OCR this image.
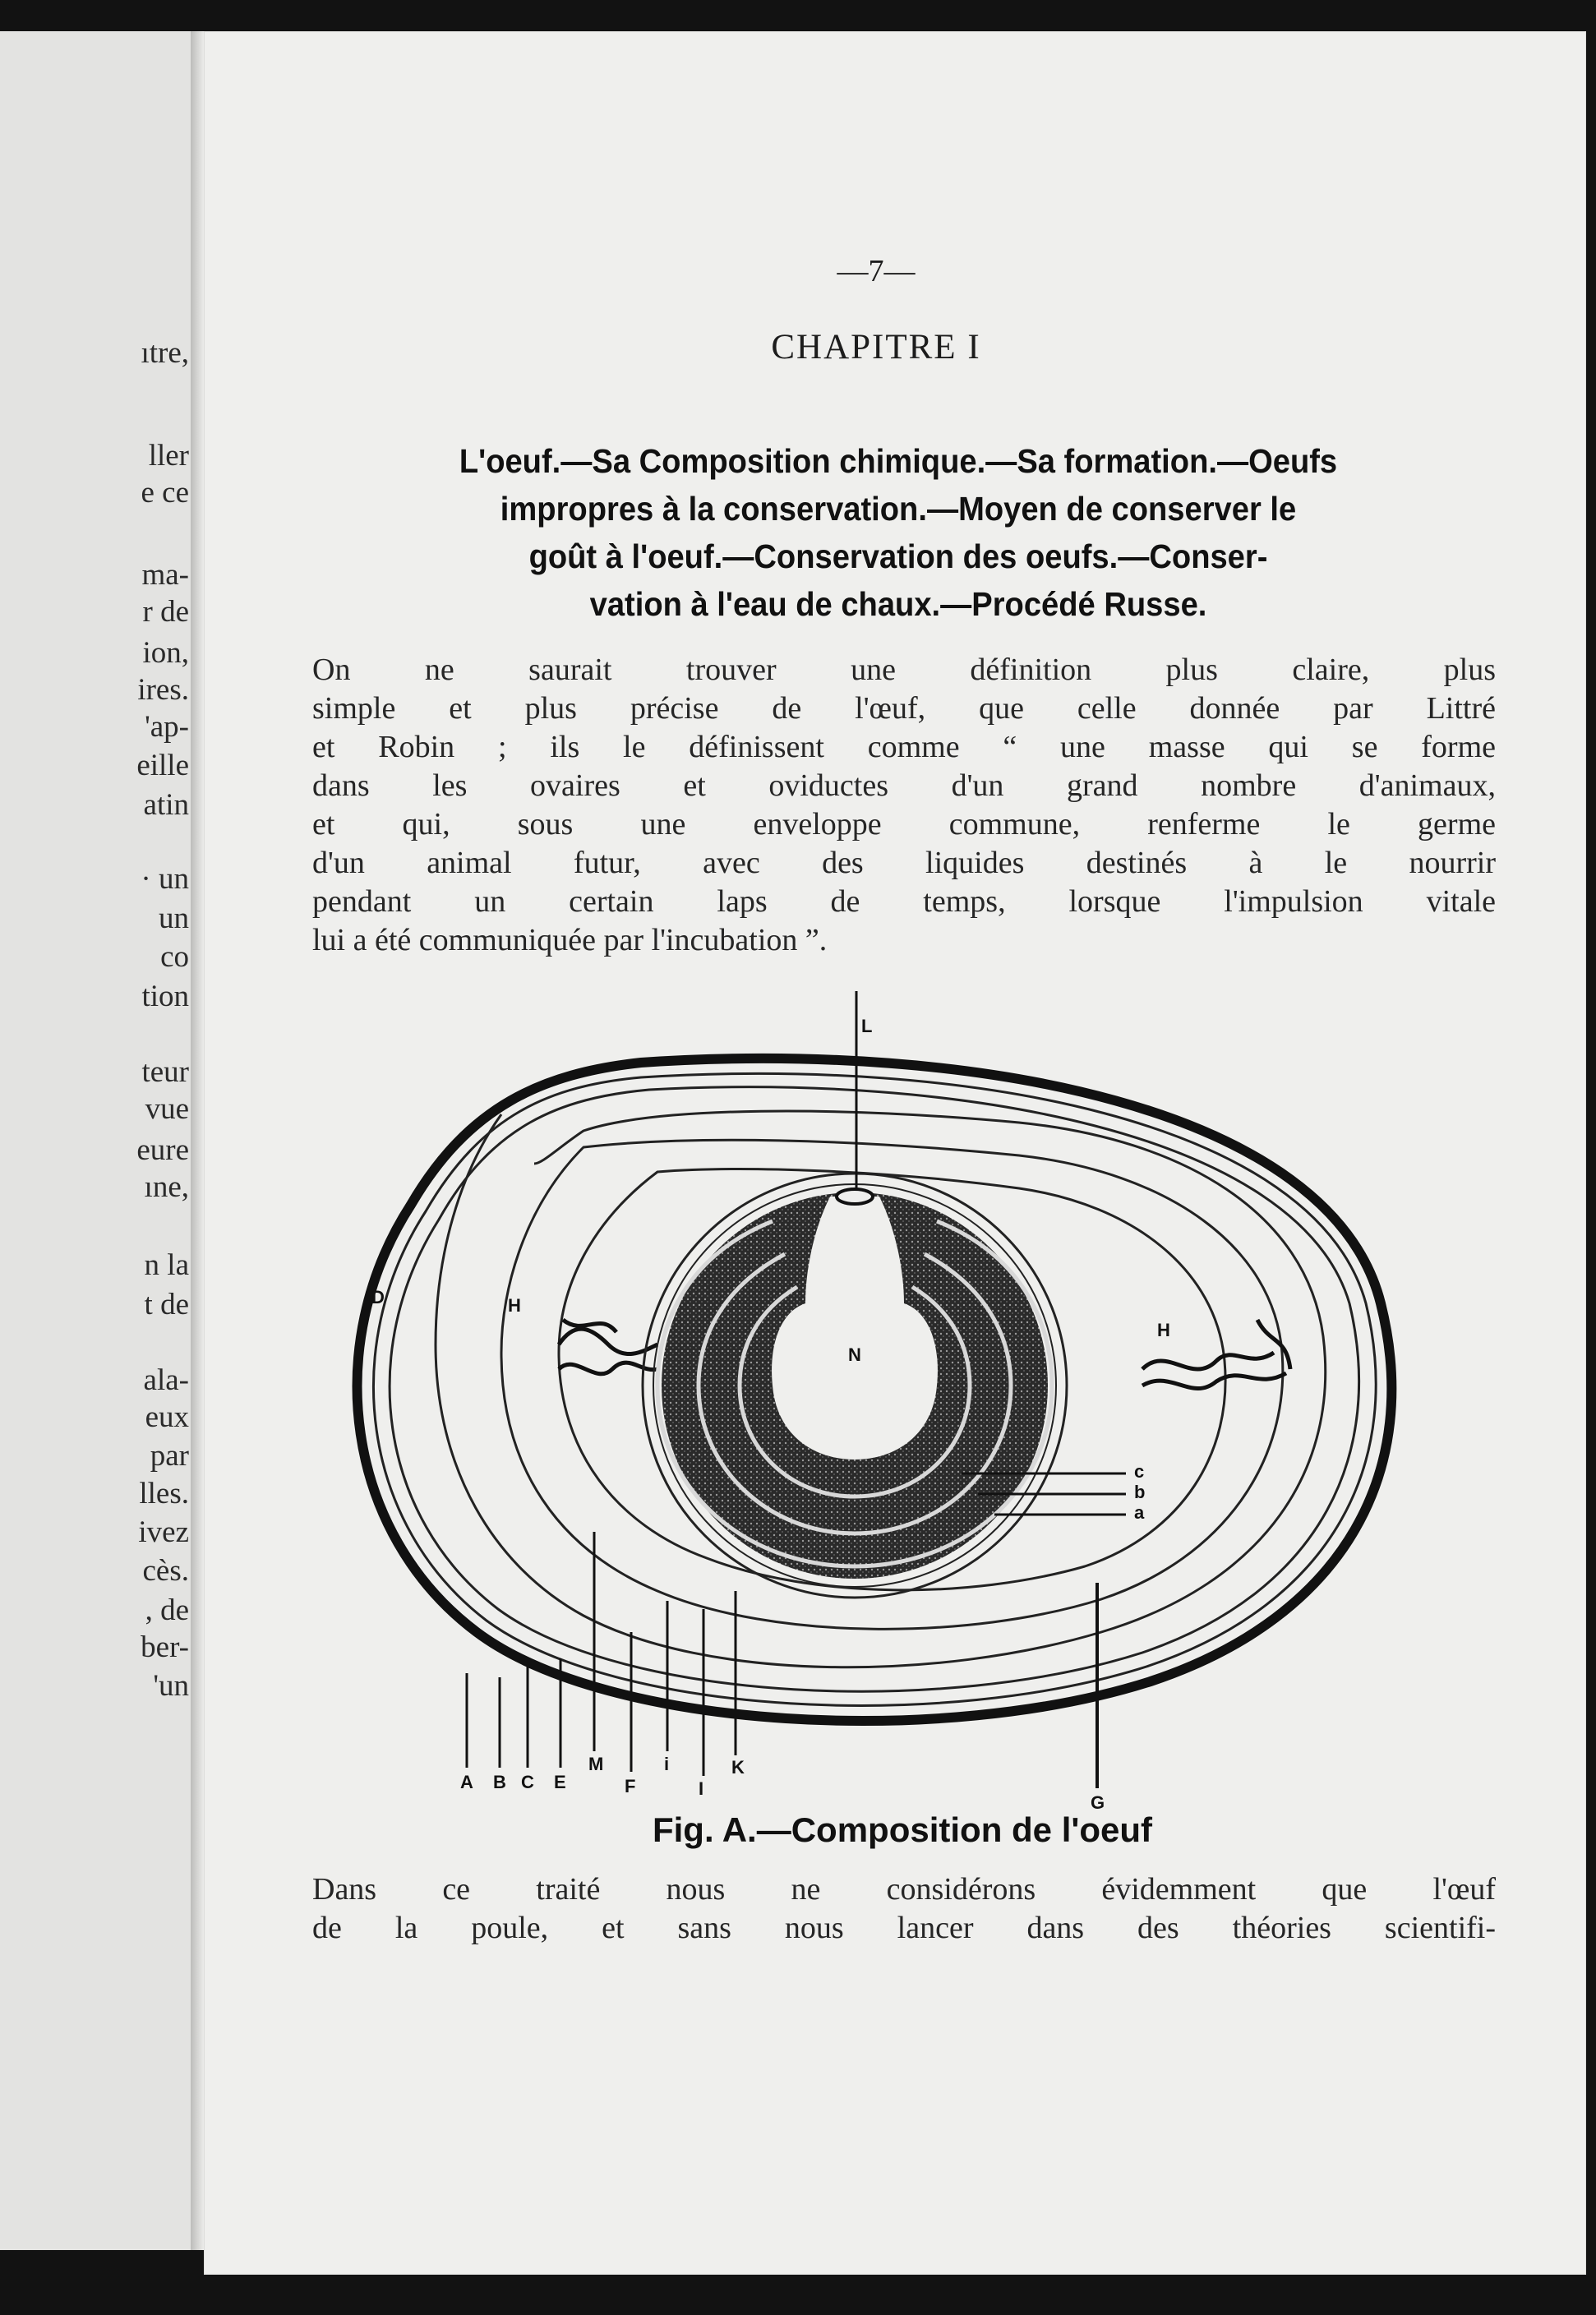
ıtre,

ller

e ce

ma-

r de

ion,

ires.

'ap-

eille

atin

· un

un

co

tion

teur

vue

eure

ıne,

n la

t de

ala-

eux

par

lles.

ivez

cès.

, de

ber-

'un

—7—

CHAPITRE I

L'oeuf.—Sa Composition chimique.—Sa formation.—Oeufs
impropres à la conservation.—Moyen de conserver le
goût à l'oeuf.—Conservation des oeufs.—Conser-
vation à l'eau de chaux.—Procédé Russe.

On ne saurait trouver une définition plus claire, plus
simple et plus précise de l'œuf, que celle donnée par Littré
et Robin ; ils le définissent comme “ une masse qui se forme
dans les ovaires et oviductes d'un grand nombre d'animaux,
et qui, sous une enveloppe commune, renferme le germe
d'un animal futur, avec des liquides destinés à le nourrir
pendant un certain laps de temps, lorsque l'impulsion vitale
lui a été communiquée par l'incubation ”.

L
D	H
H
N
c
b
a
A B C E
M
F
i
I
K
G

Fig. A.—Composition de l'oeuf

Dans ce traité nous ne considérons évidemment que l'œuf
de la poule, et sans nous lancer dans des théories scientifi-
